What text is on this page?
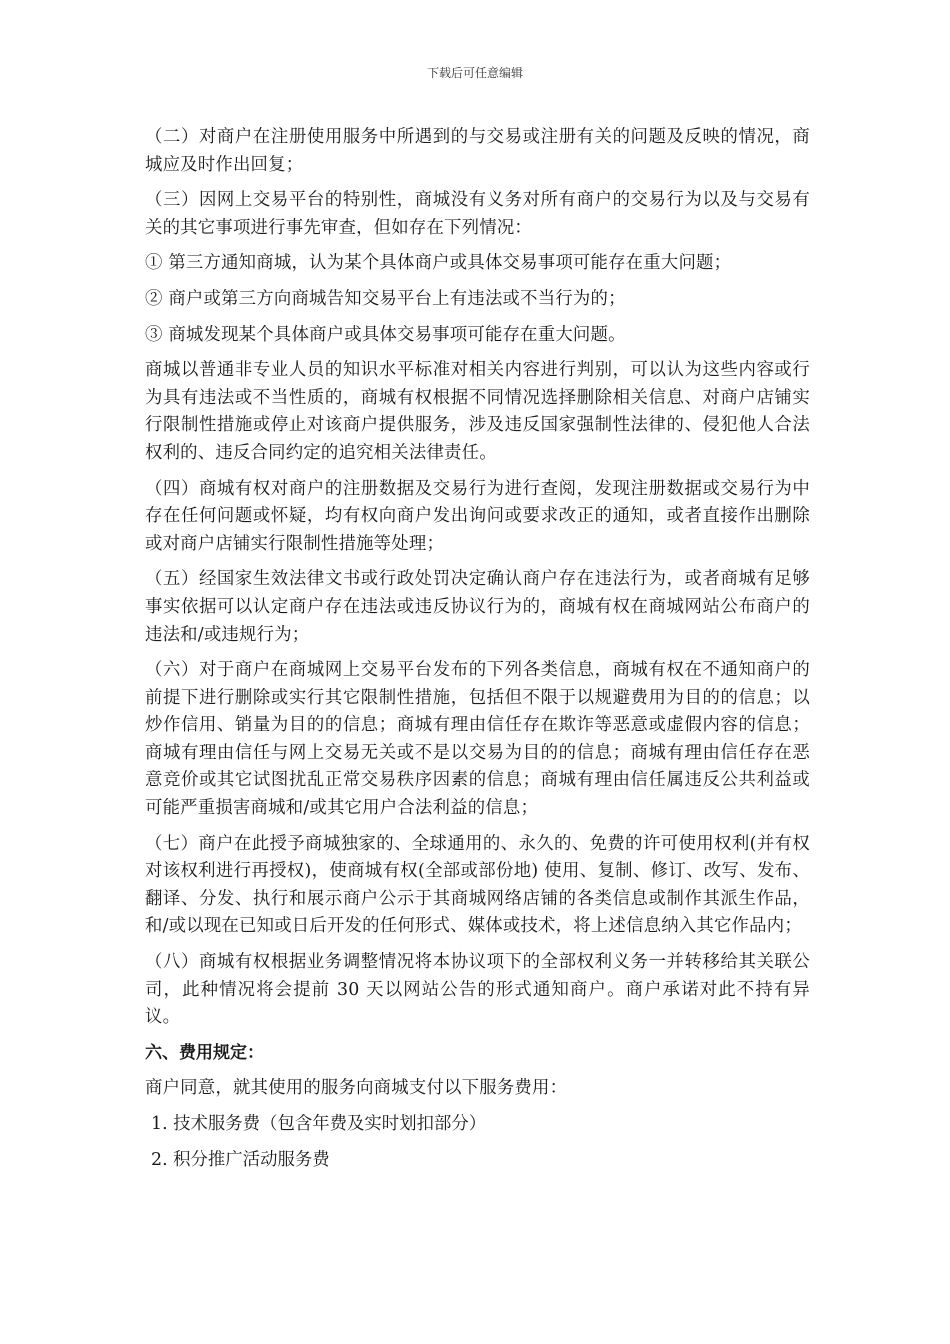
下载后可任意编辑

（二）对商户在注册使用服务中所遇到的与交易或注册有关的问题及反映的情况，商城应及时作出回复；

（三）因网上交易平台的特别性，商城没有义务对所有商户的交易行为以及与交易有关的其它事项进行事先审查，但如存在下列情况：

① 第三方通知商城，认为某个具体商户或具体交易事项可能存在重大问题；

② 商户或第三方向商城告知交易平台上有违法或不当行为的；

③ 商城发现某个具体商户或具体交易事项可能存在重大问题。

商城以普通非专业人员的知识水平标准对相关内容进行判别，可以认为这些内容或行为具有违法或不当性质的，商城有权根据不同情况选择删除相关信息、对商户店铺实行限制性措施或停止对该商户提供服务，涉及违反国家强制性法律的、侵犯他人合法权利的、违反合同约定的追究相关法律责任。

（四）商城有权对商户的注册数据及交易行为进行查阅，发现注册数据或交易行为中存在任何问题或怀疑，均有权向商户发出询问或要求改正的通知，或者直接作出删除或对商户店铺实行限制性措施等处理；

（五）经国家生效法律文书或行政处罚决定确认商户存在违法行为，或者商城有足够事实依据可以认定商户存在违法或违反协议行为的，商城有权在商城网站公布商户的违法和/或违规行为；

（六）对于商户在商城网上交易平台发布的下列各类信息，商城有权在不通知商户的前提下进行删除或实行其它限制性措施，包括但不限于以规避费用为目的的信息；以炒作信用、销量为目的的信息；商城有理由信任存在欺诈等恶意或虚假内容的信息；商城有理由信任与网上交易无关或不是以交易为目的的信息；商城有理由信任存在恶意竞价或其它试图扰乱正常交易秩序因素的信息；商城有理由信任属违反公共利益或可能严重损害商城和/或其它用户合法利益的信息；

（七）商户在此授予商城独家的、全球通用的、永久的、免费的许可使用权利(并有权对该权利进行再授权)，使商城有权(全部或部份地) 使用、复制、修订、改写、发布、翻译、分发、执行和展示商户公示于其商城网络店铺的各类信息或制作其派生作品，和/或以现在已知或日后开发的任何形式、媒体或技术，将上述信息纳入其它作品内；

（八）商城有权根据业务调整情况将本协议项下的全部权利义务一并转移给其关联公司，此种情况将会提前 30 天以网站公告的形式通知商户。商户承诺对此不持有异议。

六、费用规定：

商户同意，就其使用的服务向商城支付以下服务费用：

1. 技术服务费（包含年费及实时划扣部分）
2. 积分推广活动服务费
